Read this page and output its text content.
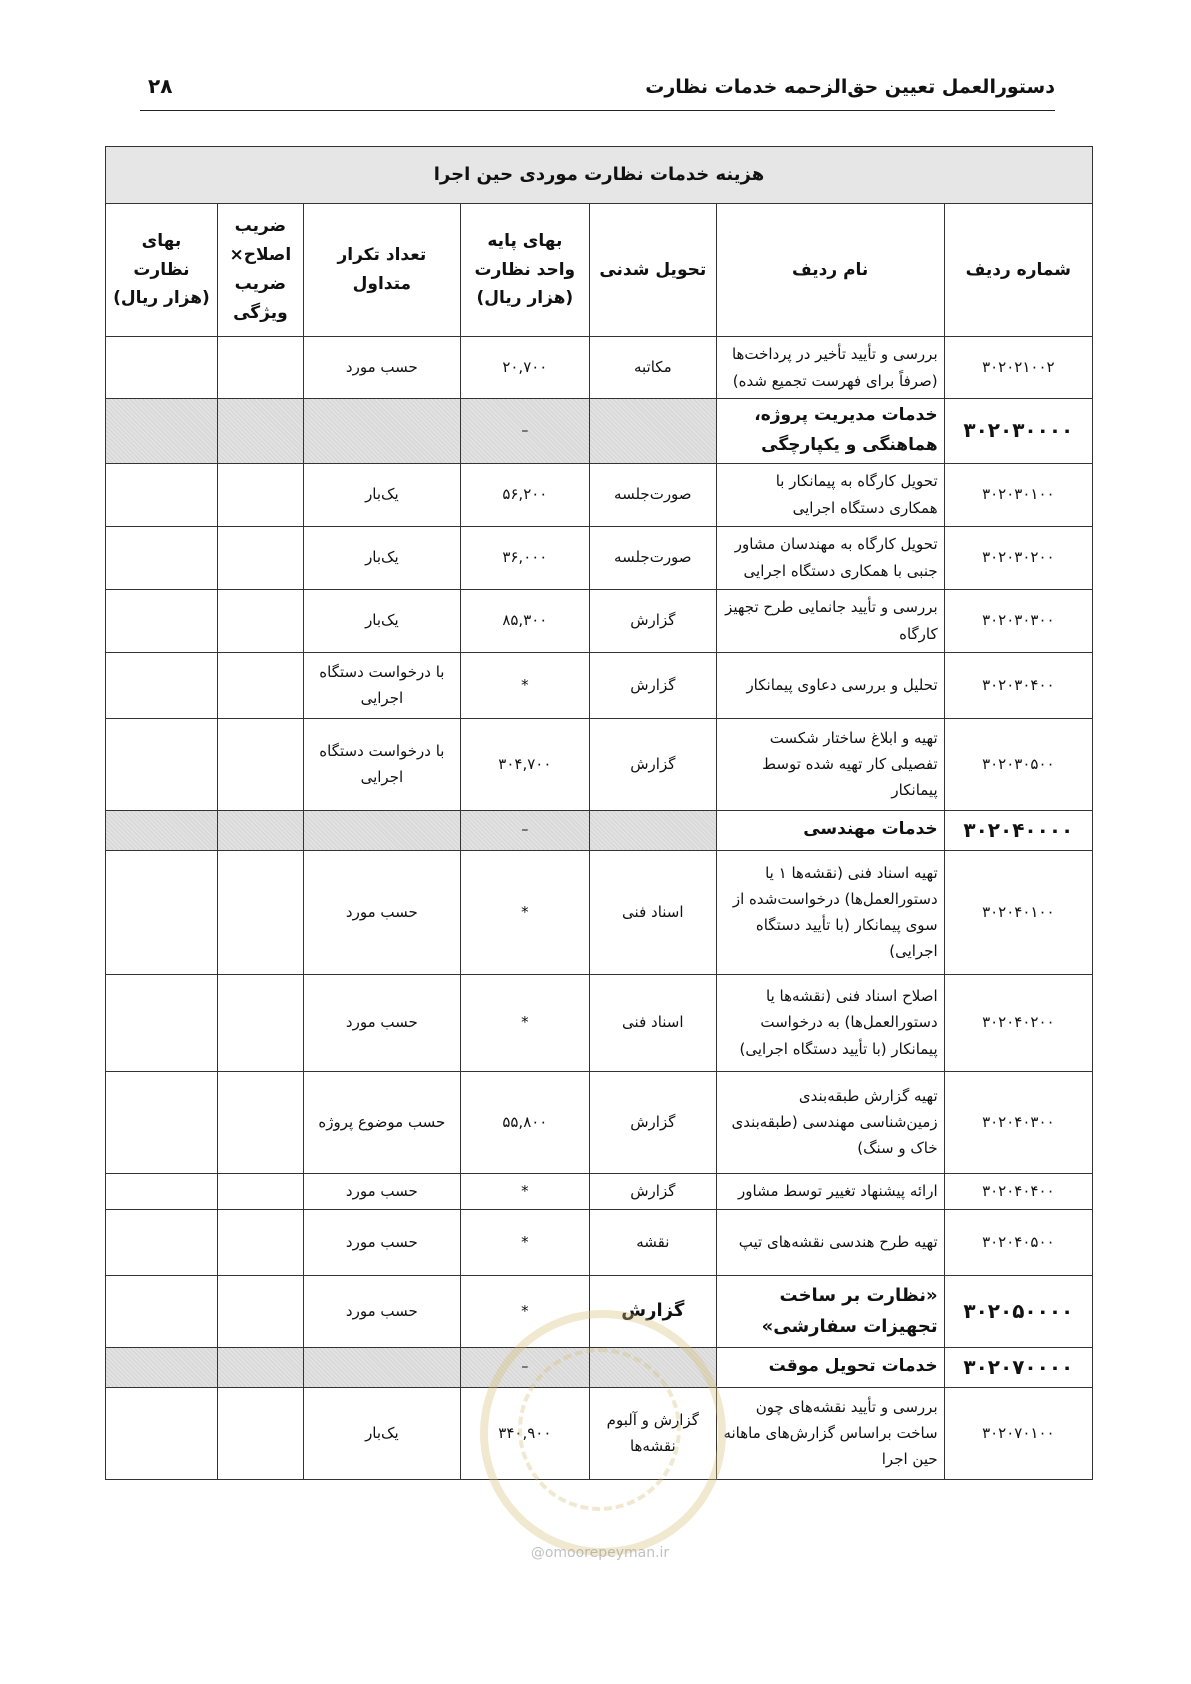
دستورالعمل تعیین حق‌الزحمه خدمات نظارت
۲۸
هزینه خدمات نظارت موردی حین اجرا						
شماره ردیف	نام ردیف	تحویل شدنی	بهای پایه واحد نظارت (هزار ریال)	تعداد تکرار متداول	ضریب اصلاح× ضریب ویژگی	بهای نظارت (هزار ریال)
۳۰۲۰۲۱۰۰۲	بررسی و تأیید تأخیر در پرداخت‌ها (صرفاً برای فهرست تجمیع شده)	مکاتبه	۲۰,۷۰۰	حسب مورد		
۳۰۲۰۳۰۰۰۰	خدمات مدیریت پروژه، هماهنگی و یکپارچگی		–			
۳۰۲۰۳۰۱۰۰	تحویل کارگاه به پیمانکار با همکاری دستگاه اجرایی	صورت‌جلسه	۵۶,۲۰۰	یک‌بار		
۳۰۲۰۳۰۲۰۰	تحویل کارگاه به مهندسان مشاور جنبی با همکاری دستگاه اجرایی	صورت‌جلسه	۳۶,۰۰۰	یک‌بار		
۳۰۲۰۳۰۳۰۰	بررسی و تأیید جانمایی طرح تجهیز کارگاه	گزارش	۸۵,۳۰۰	یک‌بار		
۳۰۲۰۳۰۴۰۰	تحلیل و بررسی دعاوی پیمانکار	گزارش	*	با درخواست دستگاه اجرایی		
۳۰۲۰۳۰۵۰۰	تهیه و ابلاغ ساختار شکست تفصیلی کار تهیه شده توسط پیمانکار	گزارش	۳۰۴,۷۰۰	با درخواست دستگاه اجرایی		
۳۰۲۰۴۰۰۰۰	خدمات مهندسی		–			
۳۰۲۰۴۰۱۰۰	تهیه اسناد فنی (نقشه‌ها ۱ یا دستورالعمل‌ها) درخواست‌شده از سوی پیمانکار (با تأیید دستگاه اجرایی)	اسناد فنی	*	حسب مورد		
۳۰۲۰۴۰۲۰۰	اصلاح اسناد فنی (نقشه‌ها یا دستورالعمل‌ها) به درخواست پیمانکار (با تأیید دستگاه اجرایی)	اسناد فنی	*	حسب مورد		
۳۰۲۰۴۰۳۰۰	تهیه گزارش طبقه‌بندی زمین‌شناسی مهندسی (طبقه‌بندی خاک و سنگ)	گزارش	۵۵,۸۰۰	حسب موضوع پروژه		
۳۰۲۰۴۰۴۰۰	ارائه پیشنهاد تغییر توسط مشاور	گزارش	*	حسب مورد		
۳۰۲۰۴۰۵۰۰	تهیه طرح هندسی نقشه‌های تیپ	نقشه	*	حسب مورد		
۳۰۲۰۵۰۰۰۰	«نظارت بر ساخت تجهیزات سفارشی»	گزارش	*	حسب مورد		
۳۰۲۰۷۰۰۰۰	خدمات تحویل موقت		–			
۳۰۲۰۷۰۱۰۰	بررسی و تأیید نقشه‌های چون ساخت براساس گزارش‌های ماهانه حین اجرا	گزارش و آلبوم نقشه‌ها	۳۴۰,۹۰۰	یک‌بار		
@omoorepeyman.ir
